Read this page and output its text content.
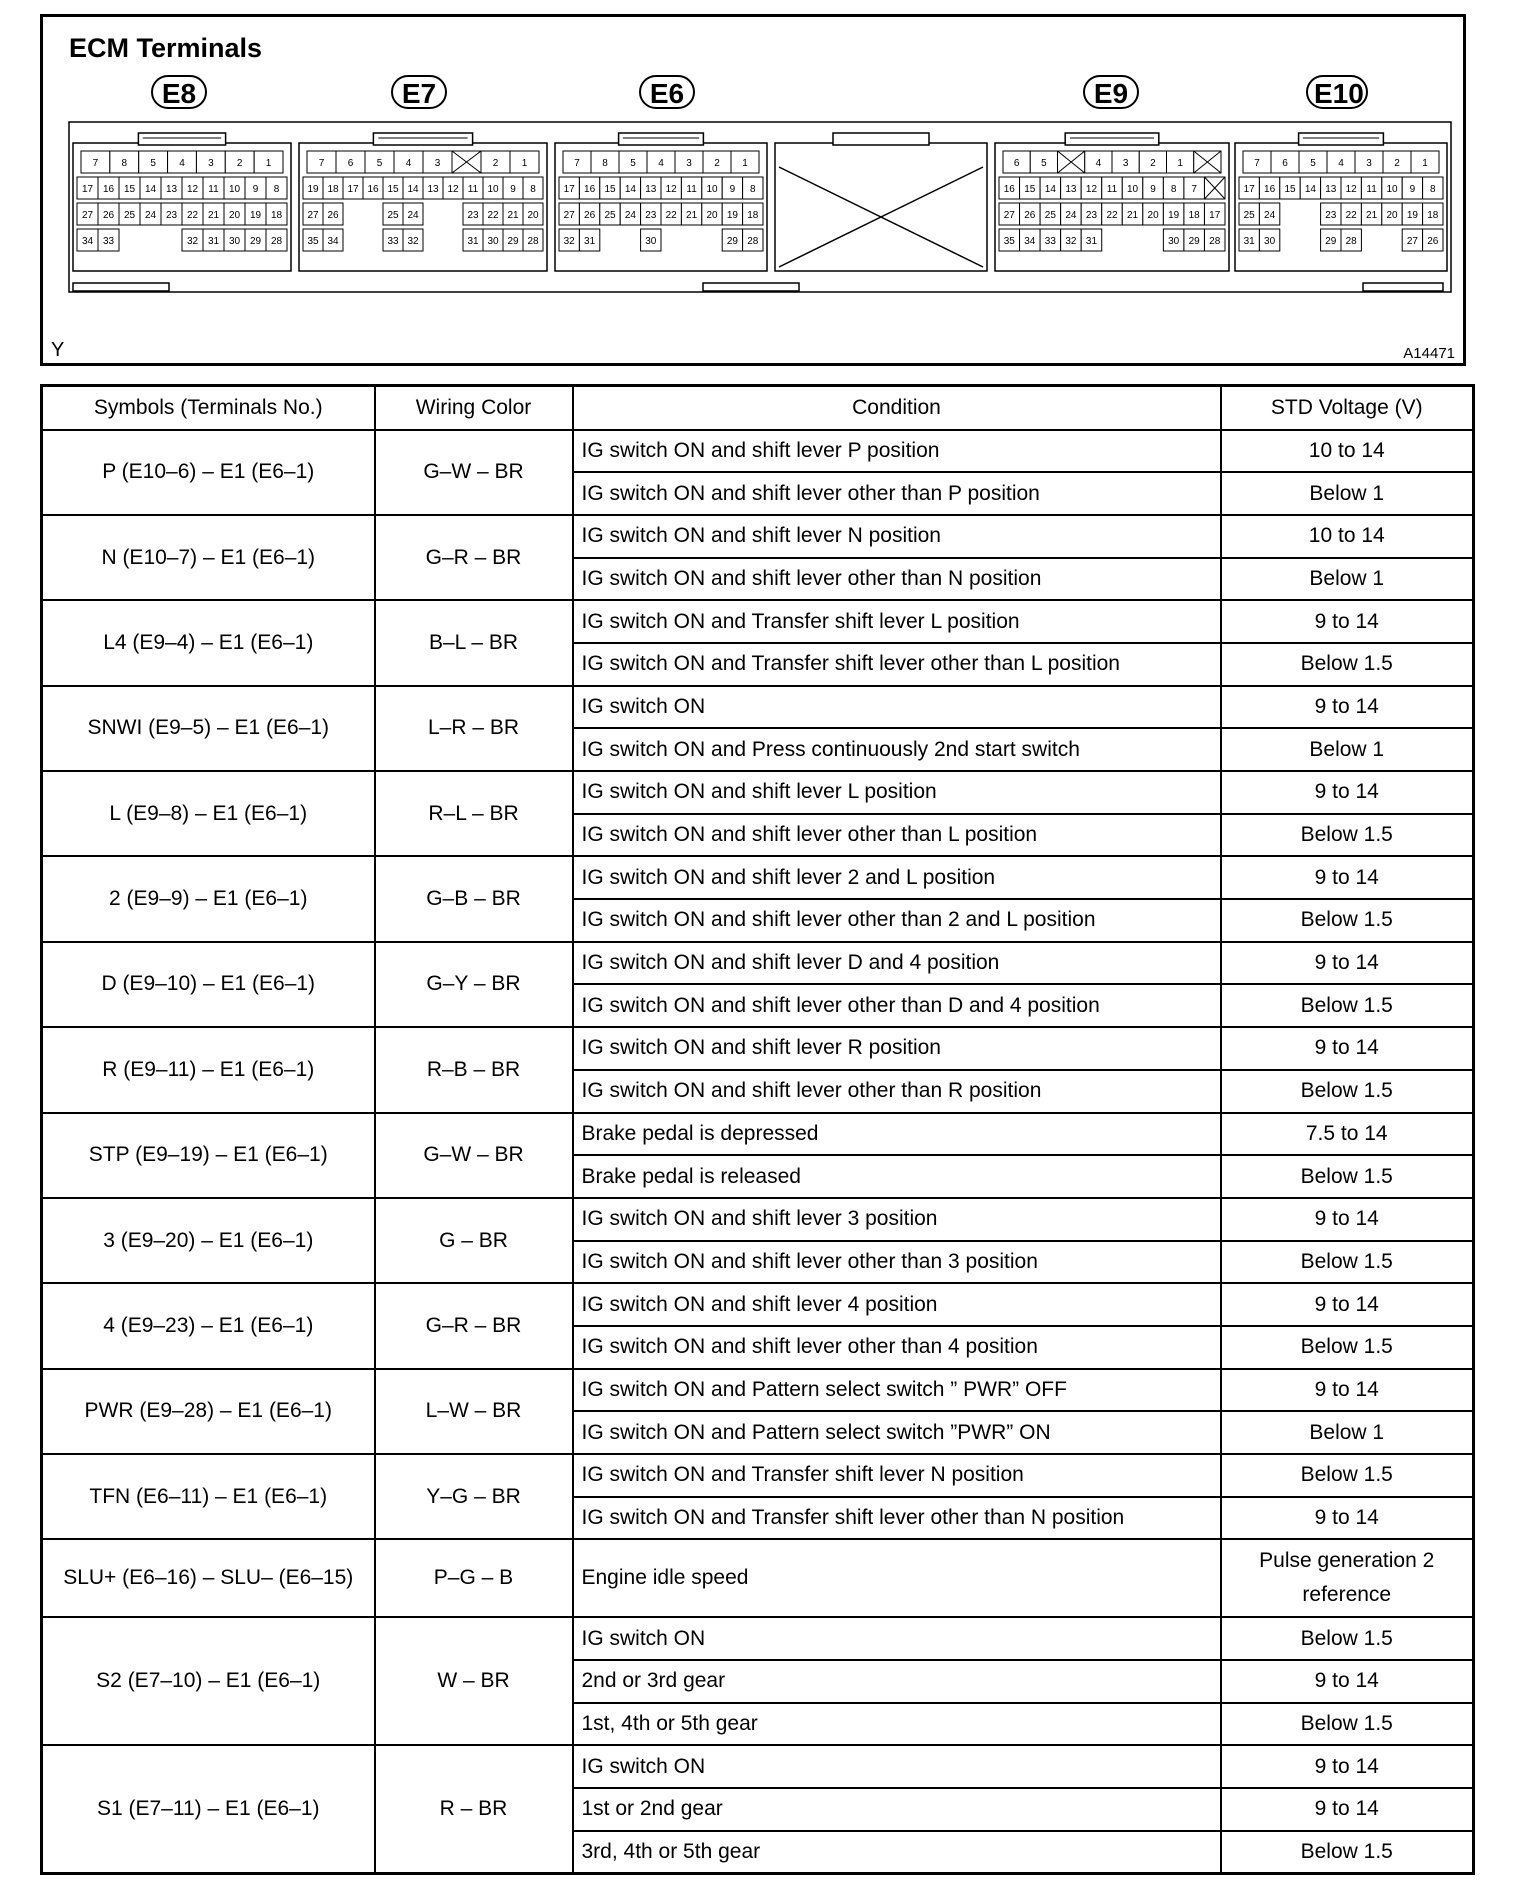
ECM Terminals
7 8 5 4 3 2 1
17 16 15 14 13 12 11 10 9 8
27 26 25 24 23 22 21 20 19 18
34 33	32 31 30 29 28
7 6 5 4 3	2 1
19 18 17 16 15 14 13 12 11 10 9 8
27 26	25 24	23 22 21 20
35 34	33 32	31 30 29 28
7 8 5 4 3 2 1
17 16 15 14 13 12 11 10 9 8
27 26 25 24 23 22 21 20 19 18
32 31	30	29 28
6 5	4 3 2 1
16 15 14 13 12 11 10 9 8 7
27 26 25 24 23 22 21 20 19 18 17
35 34 33 32 31	30 29 28
7 6 5 4 3 2 1
17 16 15 14 13 12 11 10 9 8
25 24	23 22 21 20 19 18
31 30	29 28	27 26
E8	E7	E6	E9	E10
Y	A14471
Symbols (Terminals No.)	Wiring Color	Condition	STD Voltage (V)
P (E10–6) – E1 (E6–1)	G–W – BR	IG switch ON and shift lever P position	10 to 14
		IG switch ON and shift lever other than P position	Below 1
N (E10–7) – E1 (E6–1)	G–R – BR	IG switch ON and shift lever N position	10 to 14
		IG switch ON and shift lever other than N position	Below 1
L4 (E9–4) – E1 (E6–1)	B–L – BR	IG switch ON and Transfer shift lever L position	9 to 14
		IG switch ON and Transfer shift lever other than L position	Below 1.5
SNWI (E9–5) – E1 (E6–1)	L–R – BR	IG switch ON	9 to 14
		IG switch ON and Press continuously 2nd start switch	Below 1
L (E9–8) – E1 (E6–1)	R–L – BR	IG switch ON and shift lever L position	9 to 14
		IG switch ON and shift lever other than L position	Below 1.5
2 (E9–9) – E1 (E6–1)	G–B – BR	IG switch ON and shift lever 2 and L position	9 to 14
		IG switch ON and shift lever other than 2 and L position	Below 1.5
D (E9–10) – E1 (E6–1)	G–Y – BR	IG switch ON and shift lever D and 4 position	9 to 14
		IG switch ON and shift lever other than D and 4 position	Below 1.5
R (E9–11) – E1 (E6–1)	R–B – BR	IG switch ON and shift lever R position	9 to 14
		IG switch ON and shift lever other than R position	Below 1.5
STP (E9–19) – E1 (E6–1)	G–W – BR	Brake pedal is depressed	7.5 to 14
		Brake pedal is released	Below 1.5
3 (E9–20) – E1 (E6–1)	G – BR	IG switch ON and shift lever 3 position	9 to 14
		IG switch ON and shift lever other than 3 position	Below 1.5
4 (E9–23) – E1 (E6–1)	G–R – BR	IG switch ON and shift lever 4 position	9 to 14
		IG switch ON and shift lever other than 4 position	Below 1.5
PWR (E9–28) – E1 (E6–1)	L–W – BR	IG switch ON and Pattern select switch ” PWR” OFF	9 to 14
		IG switch ON and Pattern select switch ”PWR” ON	Below 1
TFN (E6–11) – E1 (E6–1)	Y–G – BR	IG switch ON and Transfer shift lever N position	Below 1.5
		IG switch ON and Transfer shift lever other than N position	9 to 14
SLU+ (E6–16) – SLU– (E6–15)	P–G – B	Engine idle speed	Pulse generation 2 reference
S2 (E7–10) – E1 (E6–1)	W – BR	IG switch ON	Below 1.5
		2nd or 3rd gear	9 to 14
		1st, 4th or 5th gear	Below 1.5
S1 (E7–11) – E1 (E6–1)	R – BR	IG switch ON	9 to 14
		1st or 2nd gear	9 to 14
		3rd, 4th or 5th gear	Below 1.5
